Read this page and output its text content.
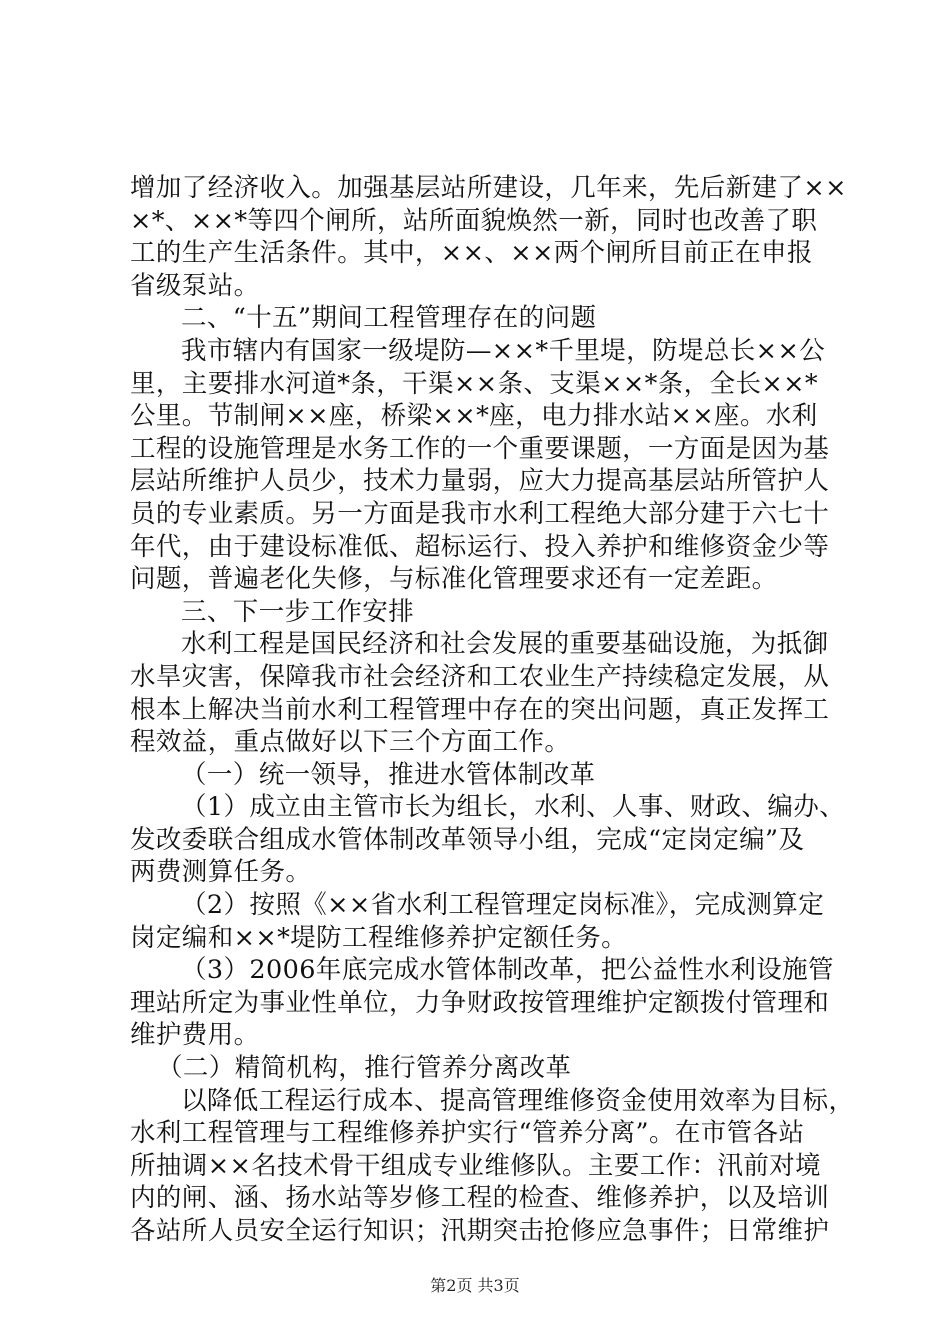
增加了经济收入。加强基层站所建设，几年来，先后新建了××
×*、××*等四个闸所，站所面貌焕然一新，同时也改善了职
工的生产生活条件。其中，××、××两个闸所目前正在申报
省级泵站。
二、“十五”期间工程管理存在的问题
我市辖内有国家一级堤防—××*千里堤，防堤总长××公
里，主要排水河道*条，干渠××条、支渠××*条，全长××*
公里。节制闸××座，桥梁××*座，电力排水站××座。水利
工程的设施管理是水务工作的一个重要课题，一方面是因为基
层站所维护人员少，技术力量弱，应大力提高基层站所管护人
员的专业素质。另一方面是我市水利工程绝大部分建于六七十
年代，由于建设标准低、超标运行、投入养护和维修资金少等
问题，普遍老化失修，与标准化管理要求还有一定差距。
三、下一步工作安排
水利工程是国民经济和社会发展的重要基础设施，为抵御
水旱灾害，保障我市社会经济和工农业生产持续稳定发展，从
根本上解决当前水利工程管理中存在的突出问题，真正发挥工
程效益，重点做好以下三个方面工作。
（一）统一领导，推进水管体制改革
（1）成立由主管市长为组长，水利、人事、财政、编办、
发改委联合组成水管体制改革领导小组，完成“定岗定编”及
两费测算任务。
（2）按照《××省水利工程管理定岗标准》，完成测算定
岗定编和××*堤防工程维修养护定额任务。
（3）2006年底完成水管体制改革，把公益性水利设施管
理站所定为事业性单位，力争财政按管理维护定额拨付管理和
维护费用。
（二）精简机构，推行管养分离改革
以降低工程运行成本、提高管理维修资金使用效率为目标，
水利工程管理与工程维修养护实行“管养分离”。在市管各站
所抽调××名技术骨干组成专业维修队。主要工作：汛前对境
内的闸、涵、扬水站等岁修工程的检查、维修养护，以及培训
各站所人员安全运行知识；汛期突击抢修应急事件；日常维护
第2页 共3页
